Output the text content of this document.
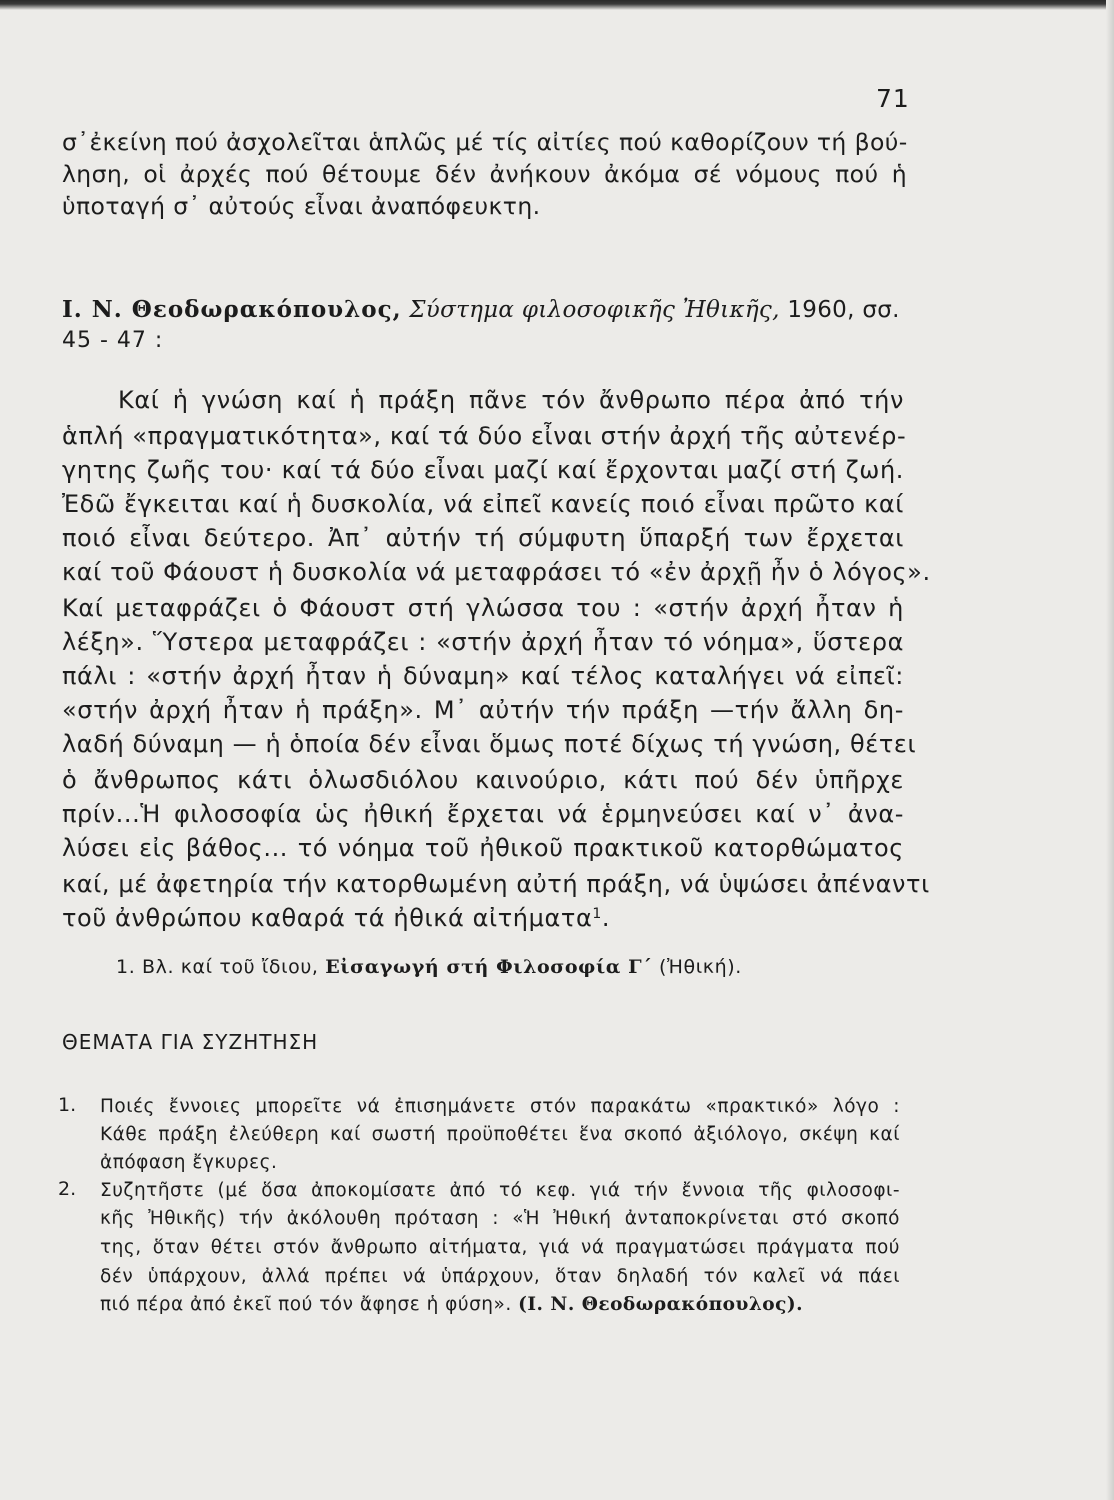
71
σ᾽ἐκείνη πού ἀσχολεῖται ἁπλῶς μέ τίς αἰτίες πού καθορίζουν τή βού-
ληση, οἱ ἀρχές πού θέτουμε δέν ἀνήκουν ἀκόμα σέ νόμους πού ἡ
ὑποταγή σ᾽ αὐτούς εἶναι ἀναπόφευκτη.
Ι. Ν. Θεοδωρακόπουλος, Σύστημα φιλοσοφικῆς Ἠθικῆς, 1960, σσ.
45 - 47 :
Καί ἡ γνώση καί ἡ πράξη πᾶνε τόν ἄνθρωπο πέρα ἀπό τήν
ἁπλή «πραγματικότητα», καί τά δύο εἶναι στήν ἀρχή τῆς αὐτενέρ-
γητης ζωῆς του· καί τά δύο εἶναι μαζί καί ἔρχονται μαζί στή ζωή.
Ἐδῶ ἔγκειται καί ἡ δυσκολία, νά εἰπεῖ κανείς ποιό εἶναι πρῶτο καί
ποιό εἶναι δεύτερο. Ἀπ᾽ αὐτήν τή σύμφυτη ὕπαρξή των ἔρχεται
καί τοῦ Φάουστ ἡ δυσκολία νά μεταφράσει τό «ἐν ἀρχῇ ἦν ὁ λόγος».
Καί μεταφράζει ὁ Φάουστ στή γλώσσα του : «στήν ἀρχή ἦταν ἡ
λέξη». Ὕστερα μεταφράζει : «στήν ἀρχή ἦταν τό νόημα», ὕστερα
πάλι : «στήν ἀρχή ἦταν ἡ δύναμη» καί τέλος καταλήγει νά εἰπεῖ:
«στήν ἀρχή ἦταν ἡ πράξη». Μ᾽ αὐτήν τήν πράξη —τήν ἄλλη δη-
λαδή δύναμη — ἡ ὁποία δέν εἶναι ὅμως ποτέ δίχως τή γνώση, θέτει
ὁ ἄνθρωπος κάτι ὁλωσδιόλου καινούριο, κάτι πού δέν ὑπῆρχε
πρίν...Ἡ φιλοσοφία ὡς ἠθική ἔρχεται νά ἑρμηνεύσει καί ν᾽ ἀνα-
λύσει εἰς βάθος... τό νόημα τοῦ ἠθικοῦ πρακτικοῦ κατορθώματος
καί, μέ ἀφετηρία τήν κατορθωμένη αὐτή πράξη, νά ὑψώσει ἀπέναντι
τοῦ ἀνθρώπου καθαρά τά ἠθικά αἰτήματα$^1$.
1. Βλ. καί τοῦ ἴδιου, Εἰσαγωγή στή Φιλοσοφία Γ΄ (Ἠθική).
ΘΕΜΑΤΑ ΓΙΑ ΣΥΖΗΤΗΣΗ
1. Ποιές ἔννοιες μπορεῖτε νά ἐπισημάνετε στόν παρακάτω «πρακτικό» λόγο :
Κάθε πράξη ἐλεύθερη καί σωστή προϋποθέτει ἕνα σκοπό ἀξιόλογο, σκέψη καί
ἀπόφαση ἔγκυρες.
2. Συζητῆστε (μέ ὅσα ἀποκομίσατε ἀπό τό κεφ. γιά τήν ἔννοια τῆς φιλοσοφι-
κῆς Ἠθικῆς) τήν ἀκόλουθη πρόταση : «Ἡ Ἠθική ἀνταποκρίνεται στό σκοπό
της, ὅταν θέτει στόν ἄνθρωπο αἰτήματα, γιά νά πραγματώσει πράγματα πού
δέν ὑπάρχουν, ἀλλά πρέπει νά ὑπάρχουν, ὅταν δηλαδή τόν καλεῖ νά πάει
πιό πέρα ἀπό ἐκεῖ πού τόν ἄφησε ἡ φύση». (Ι. Ν. Θεοδωρακόπουλος).
